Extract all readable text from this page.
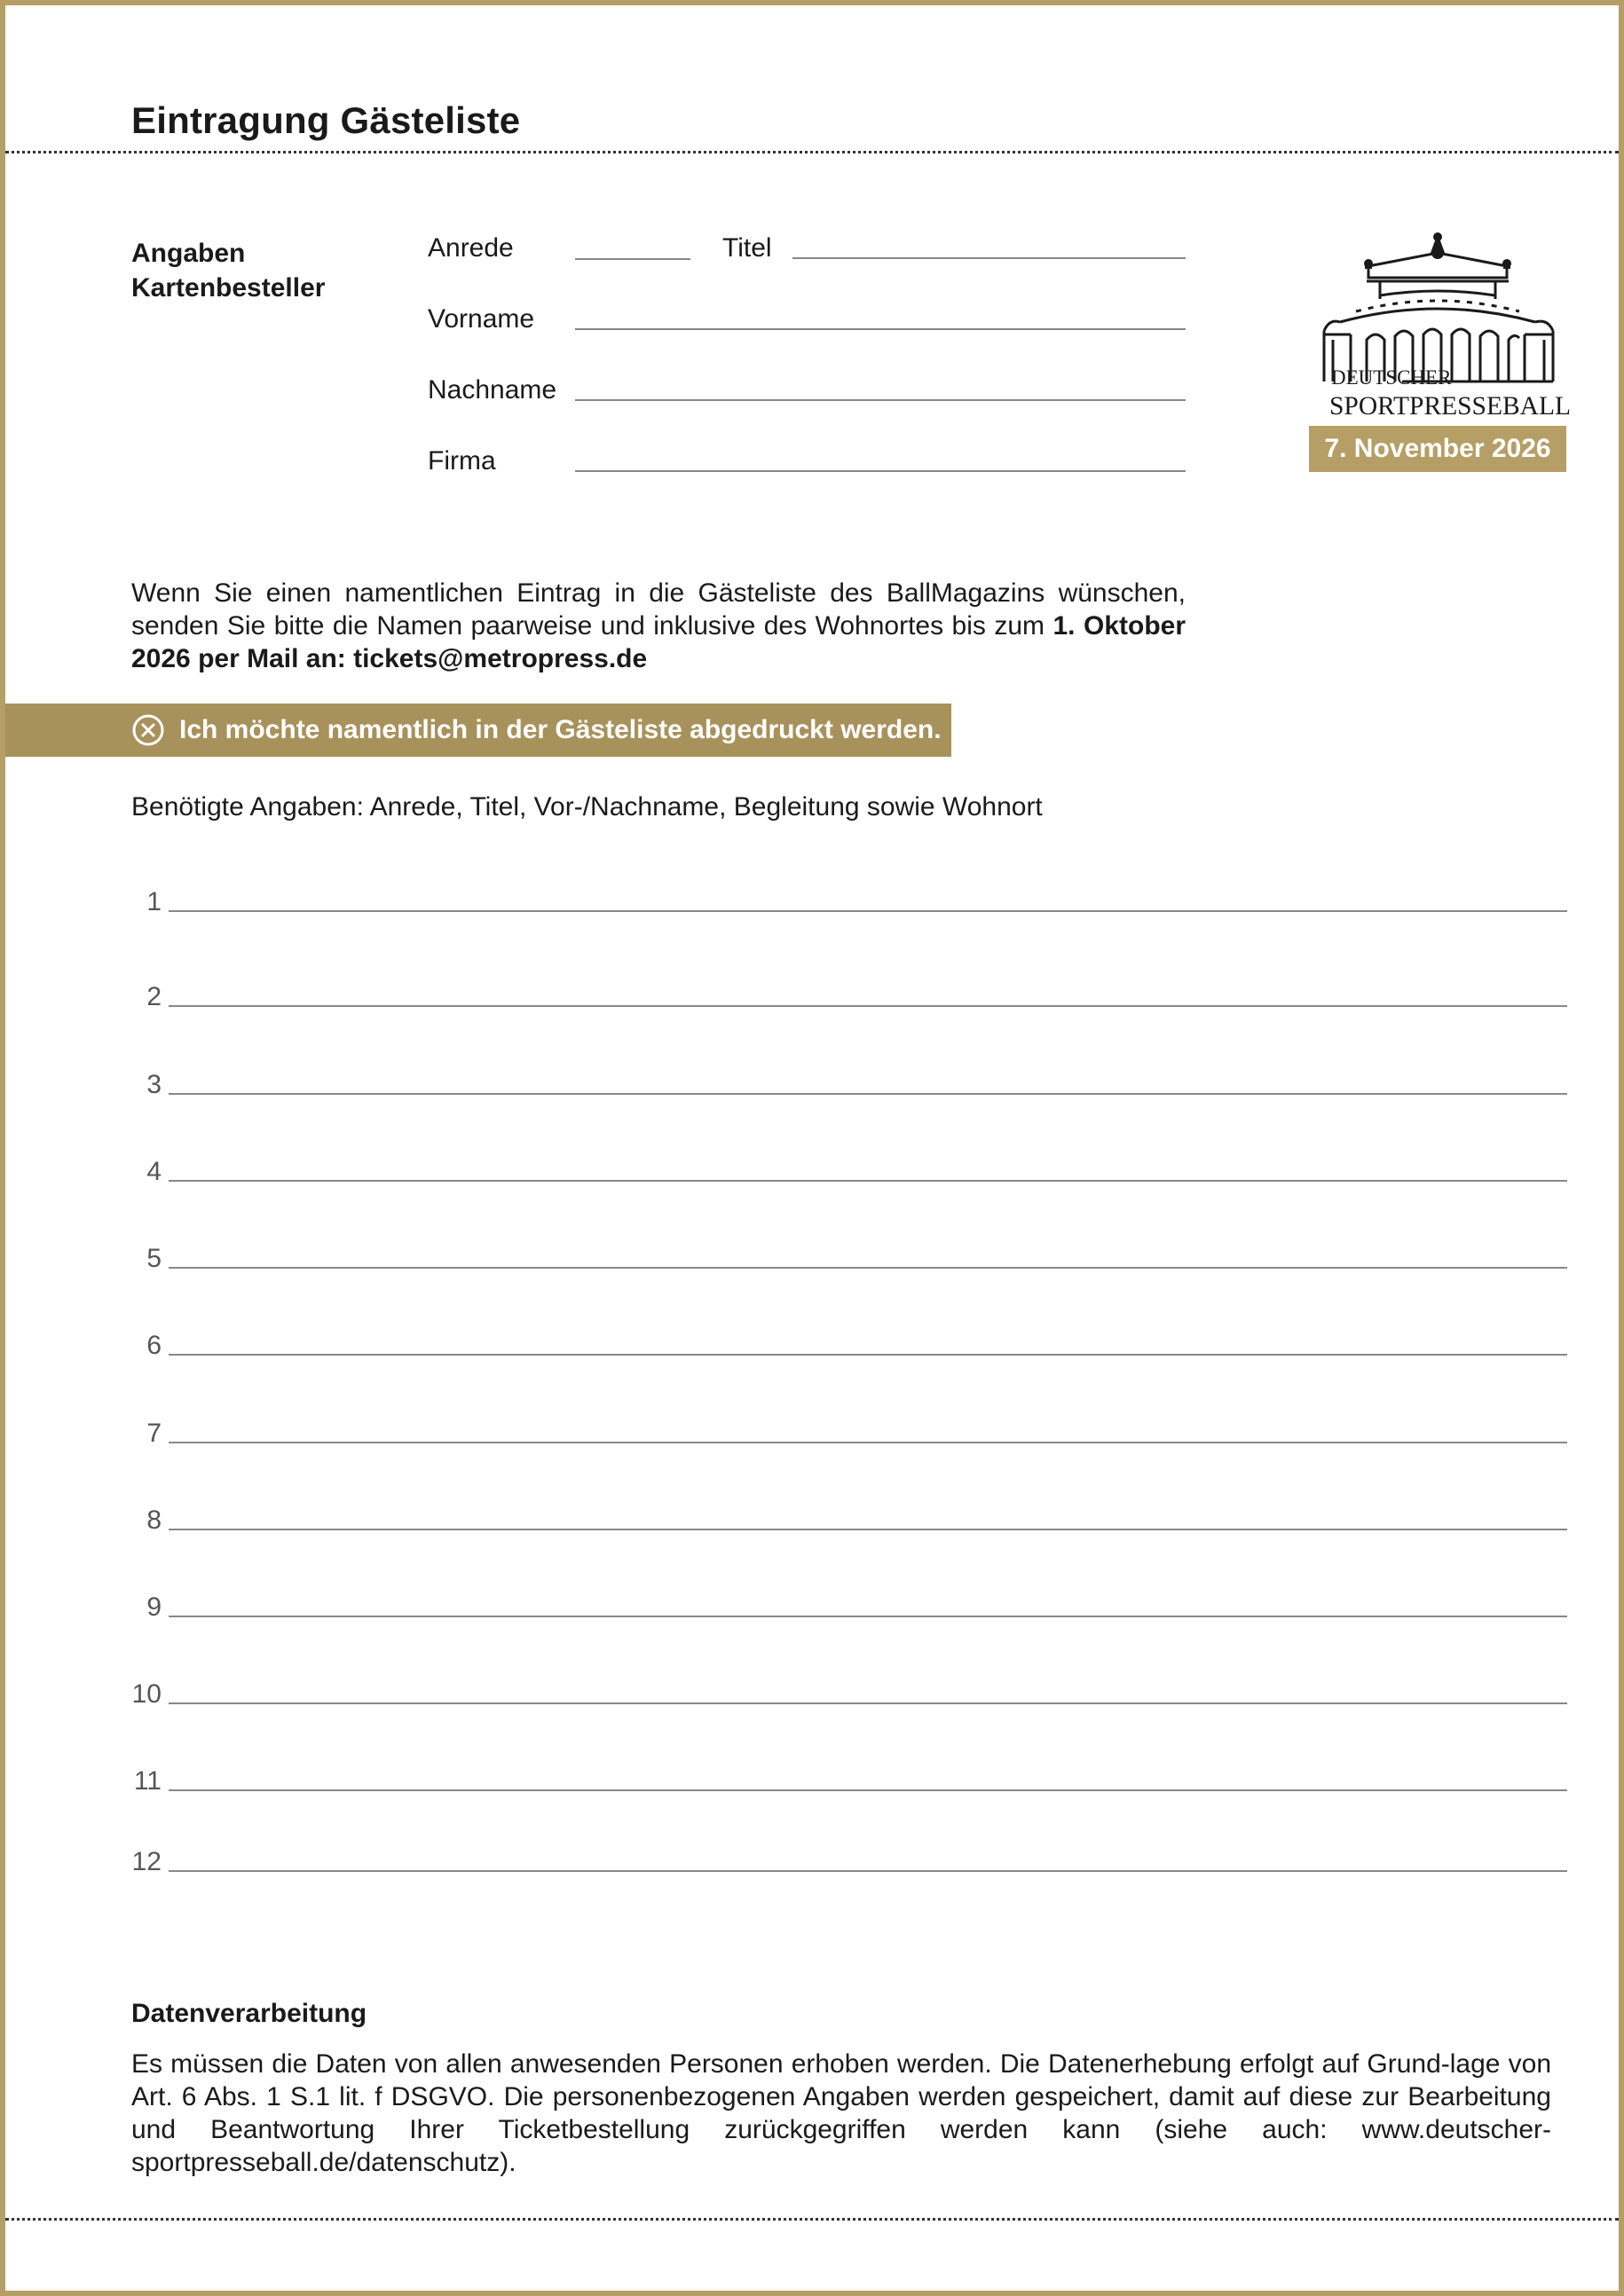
Eintragung Gästeliste
Angaben
Kartenbesteller
Anrede	Titel
Vorname
Nachname
Firma
DEUTSCHER
SPORTPRESSEBALL
7. November 2026

Wenn Sie einen namentlichen Eintrag in die Gästeliste des BallMagazins wünschen, senden Sie bitte die Namen paarweise und inklusive des Wohnortes bis zum 1. Oktober 2026 per Mail an: tickets@metropress.de

Ich möchte namentlich in der Gästeliste abgedruckt werden.
Benötigte Angaben: Anrede, Titel, Vor-/Nachname, Begleitung sowie Wohnort
1
2
3
4
5
6
7
8
9
10
11
12
Datenverarbeitung

Es müssen die Daten von allen anwesenden Personen erhoben werden. Die Datenerhebung erfolgt auf Grund-lage von Art. 6 Abs. 1 S.1 lit. f DSGVO. Die personenbezogenen Angaben werden gespeichert, damit auf diese zur Bearbeitung und Beantwortung Ihrer Ticketbestellung zurückgegriffen werden kann (siehe auch: www.deutscher-sportpresseball.de/datenschutz).
